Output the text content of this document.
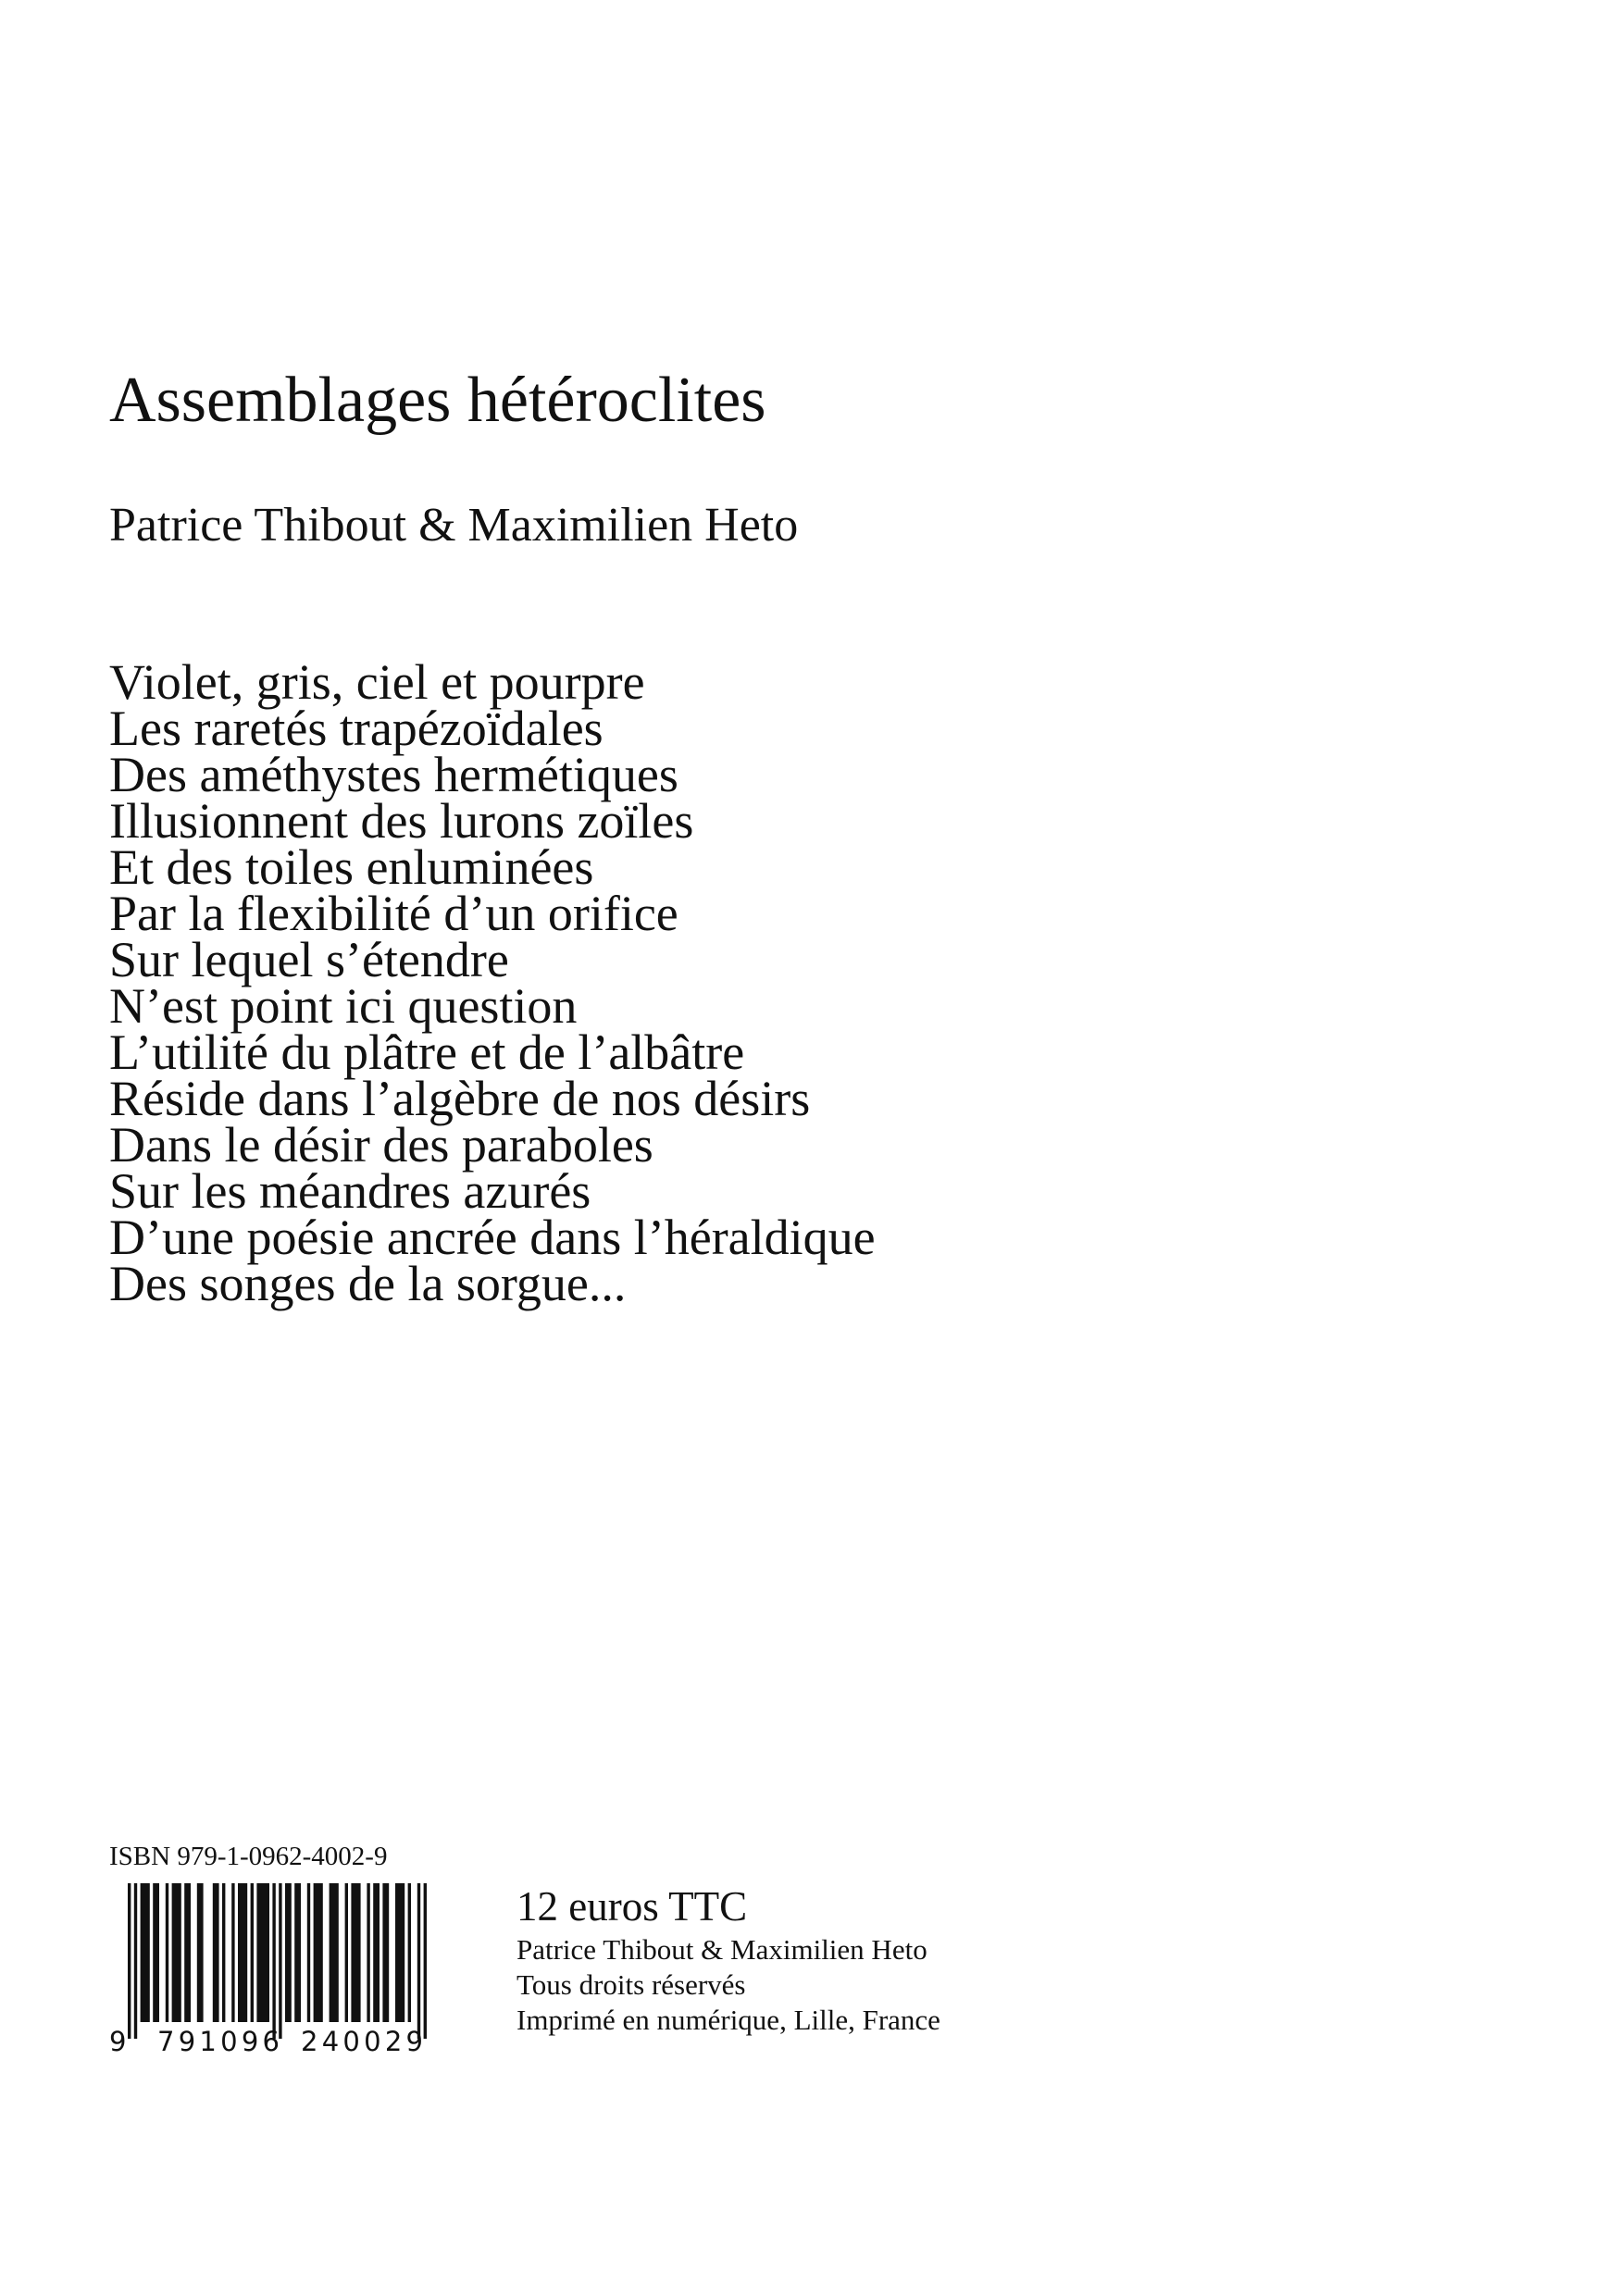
Assemblages hétéroclites
Patrice Thibout & Maximilien Heto
Violet, gris, ciel et pourpre
Les raretés trapézoïdales
Des améthystes hermétiques
Illusionnent des lurons zoïles
Et des toiles enluminées
Par la flexibilité d’un orifice
Sur lequel s’étendre
N’est point ici question
L’utilité du plâtre et de l’albâtre
Réside dans l’algèbre de nos désirs
Dans le désir des paraboles
Sur les méandres azurés
D’une poésie ancrée dans l’héraldique
Des songes de la sorgue...
ISBN 979-1-0962-4002-9
9 791096 240029
12 euros TTC
Patrice Thibout & Maximilien Heto
Tous droits réservés
Imprimé en numérique, Lille, France
